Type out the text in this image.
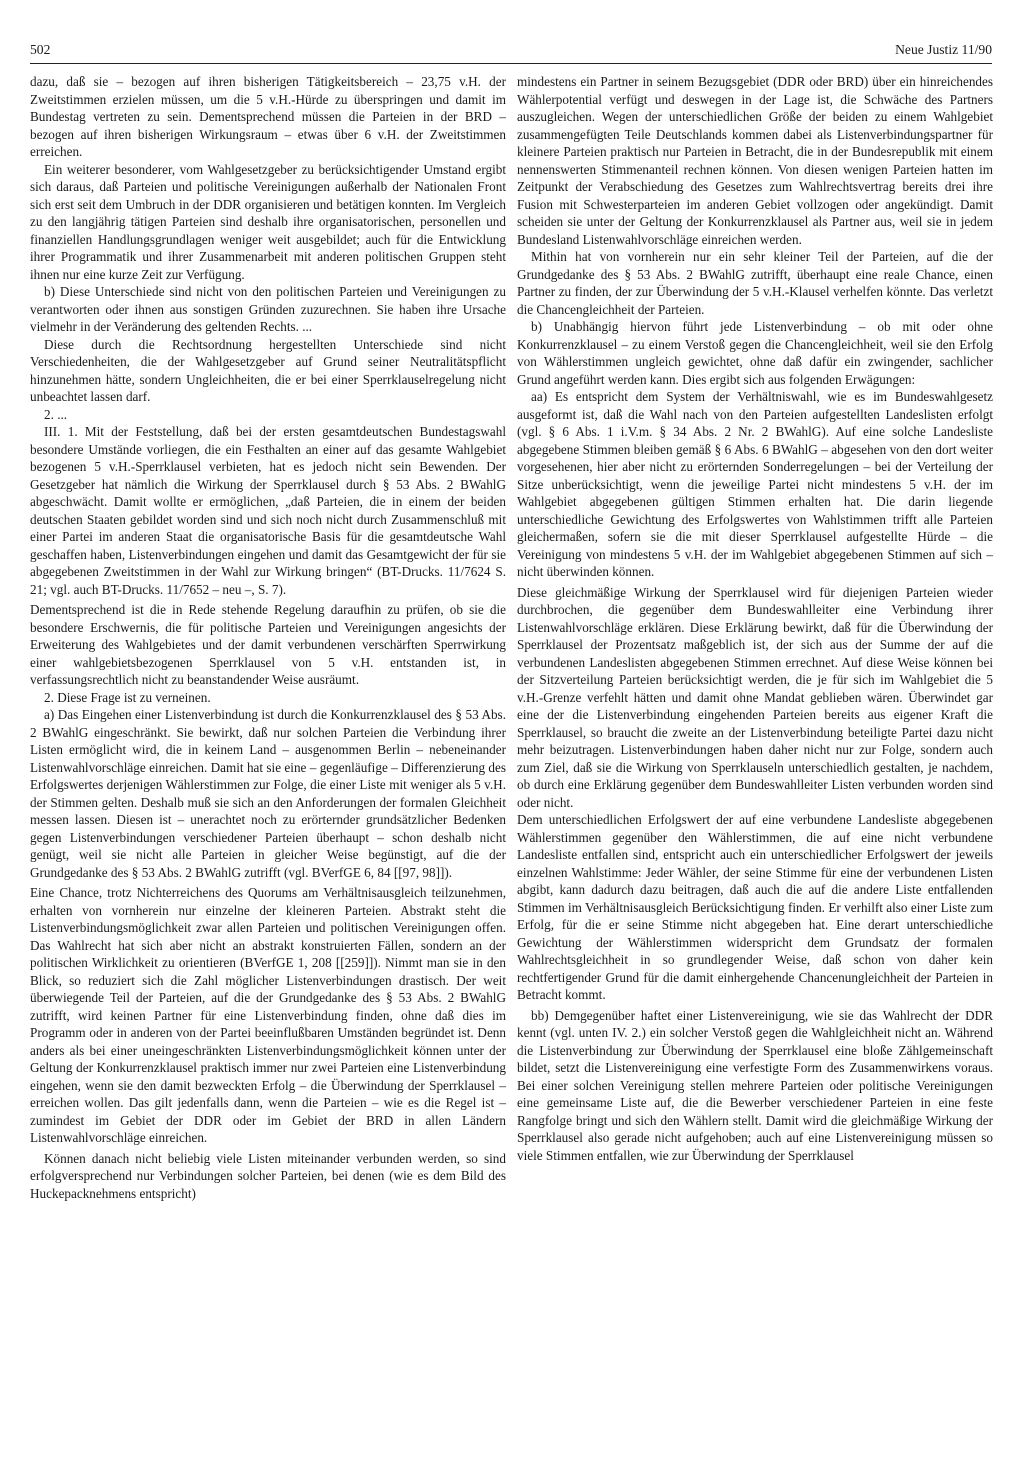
502	Neue Justiz 11/90

dazu, daß sie – bezogen auf ihren bisherigen Tätigkeitsbereich – 23,75 v.H. der Zweitstimmen erzielen müssen, um die 5 v.H.-Hürde zu überspringen und damit im Bundestag vertreten zu sein. Dementsprechend müssen die Parteien in der BRD – bezogen auf ihren bisherigen Wirkungsraum – etwas über 6 v.H. der Zweitstimmen erreichen.

Ein weiterer besonderer, vom Wahlgesetzgeber zu berücksichtigender Umstand ergibt sich daraus, daß Parteien und politische Vereinigungen außerhalb der Nationalen Front sich erst seit dem Umbruch in der DDR organisieren und betätigen konnten. Im Vergleich zu den langjährig tätigen Parteien sind deshalb ihre organisatorischen, personellen und finanziellen Handlungsgrundlagen weniger weit ausgebildet; auch für die Entwicklung ihrer Programmatik und ihrer Zusammenarbeit mit anderen politischen Gruppen steht ihnen nur eine kurze Zeit zur Verfügung.

b) Diese Unterschiede sind nicht von den politischen Parteien und Vereinigungen zu verantworten oder ihnen aus sonstigen Gründen zuzurechnen. Sie haben ihre Ursache vielmehr in der Veränderung des geltenden Rechts. ...

Diese durch die Rechtsordnung hergestellten Unterschiede sind nicht Verschiedenheiten, die der Wahlgesetzgeber auf Grund seiner Neutralitätspflicht hinzunehmen hätte, sondern Ungleichheiten, die er bei einer Sperrklauselregelung nicht unbeachtet lassen darf.

2. ...

III. 1. Mit der Feststellung, daß bei der ersten gesamtdeutschen Bundestagswahl besondere Umstände vorliegen, die ein Festhalten an einer auf das gesamte Wahlgebiet bezogenen 5 v.H.-Sperrklausel verbieten, hat es jedoch nicht sein Bewenden. Der Gesetzgeber hat nämlich die Wirkung der Sperrklausel durch § 53 Abs. 2 BWahlG abgeschwächt. Damit wollte er ermöglichen, „daß Parteien, die in einem der beiden deutschen Staaten gebildet worden sind und sich noch nicht durch Zusammenschluß mit einer Partei im anderen Staat die organisatorische Basis für die gesamtdeutsche Wahl geschaffen haben, Listenverbindungen eingehen und damit das Gesamtgewicht der für sie abgegebenen Zweitstimmen in der Wahl zur Wirkung bringen“ (BT-Drucks. 11/7624 S. 21; vgl. auch BT-Drucks. 11/7652 – neu –, S. 7).

Dementsprechend ist die in Rede stehende Regelung daraufhin zu prüfen, ob sie die besondere Erschwernis, die für politische Parteien und Vereinigungen angesichts der Erweiterung des Wahlgebietes und der damit verbundenen verschärften Sperrwirkung einer wahlgebietsbezogenen Sperrklausel von 5 v.H. entstanden ist, in verfassungsrechtlich nicht zu beanstandender Weise ausräumt.

2. Diese Frage ist zu verneinen.

a) Das Eingehen einer Listenverbindung ist durch die Konkurrenzklausel des § 53 Abs. 2 BWahlG eingeschränkt. Sie bewirkt, daß nur solchen Parteien die Verbindung ihrer Listen ermöglicht wird, die in keinem Land – ausgenommen Berlin – nebeneinander Listenwahlvorschläge einreichen. Damit hat sie eine – gegenläufige – Differenzierung des Erfolgswertes derjenigen Wählerstimmen zur Folge, die einer Liste mit weniger als 5 v.H. der Stimmen gelten. Deshalb muß sie sich an den Anforderungen der formalen Gleichheit messen lassen. Diesen ist – unerachtet noch zu erörternder grundsätzlicher Bedenken gegen Listenverbindungen verschiedener Parteien überhaupt – schon deshalb nicht genügt, weil sie nicht alle Parteien in gleicher Weise begünstigt, auf die der Grundgedanke des § 53 Abs. 2 BWahlG zutrifft (vgl. BVerfGE 6, 84 [[97, 98]]).

Eine Chance, trotz Nichterreichens des Quorums am Verhältnisausgleich teilzunehmen, erhalten von vornherein nur einzelne der kleineren Parteien. Abstrakt steht die Listenverbindungsmöglichkeit zwar allen Parteien und politischen Vereinigungen offen. Das Wahlrecht hat sich aber nicht an abstrakt konstruierten Fällen, sondern an der politischen Wirklichkeit zu orientieren (BVerfGE 1, 208 [[259]]). Nimmt man sie in den Blick, so reduziert sich die Zahl möglicher Listenverbindungen drastisch. Der weit überwiegende Teil der Parteien, auf die der Grundgedanke des § 53 Abs. 2 BWahlG zutrifft, wird keinen Partner für eine Listenverbindung finden, ohne daß dies im Programm oder in anderen von der Partei beeinflußbaren Umständen begründet ist. Denn anders als bei einer uneingeschränkten Listenverbindungsmöglichkeit können unter der Geltung der Konkurrenzklausel praktisch immer nur zwei Parteien eine Listenverbindung eingehen, wenn sie den damit bezweckten Erfolg – die Überwindung der Sperrklausel – erreichen wollen. Das gilt jedenfalls dann, wenn die Parteien – wie es die Regel ist – zumindest im Gebiet der DDR oder im Gebiet der BRD in allen Ländern Listenwahlvorschläge einreichen.

Können danach nicht beliebig viele Listen miteinander verbunden werden, so sind erfolgversprechend nur Verbindungen solcher Parteien, bei denen (wie es dem Bild des Huckepacknehmens entspricht)

mindestens ein Partner in seinem Bezugsgebiet (DDR oder BRD) über ein hinreichendes Wählerpotential verfügt und deswegen in der Lage ist, die Schwäche des Partners auszugleichen. Wegen der unterschiedlichen Größe der beiden zu einem Wahlgebiet zusammengefügten Teile Deutschlands kommen dabei als Listenverbindungspartner für kleinere Parteien praktisch nur Parteien in Betracht, die in der Bundesrepublik mit einem nennenswerten Stimmenanteil rechnen können. Von diesen wenigen Parteien hatten im Zeitpunkt der Verabschiedung des Gesetzes zum Wahlrechtsvertrag bereits drei ihre Fusion mit Schwesterparteien im anderen Gebiet vollzogen oder angekündigt. Damit scheiden sie unter der Geltung der Konkurrenzklausel als Partner aus, weil sie in jedem Bundesland Listenwahlvorschläge einreichen werden.

Mithin hat von vornherein nur ein sehr kleiner Teil der Parteien, auf die der Grundgedanke des § 53 Abs. 2 BWahlG zutrifft, überhaupt eine reale Chance, einen Partner zu finden, der zur Überwindung der 5 v.H.-Klausel verhelfen könnte. Das verletzt die Chancengleichheit der Parteien.

b) Unabhängig hiervon führt jede Listenverbindung – ob mit oder ohne Konkurrenzklausel – zu einem Verstoß gegen die Chancengleichheit, weil sie den Erfolg von Wählerstimmen ungleich gewichtet, ohne daß dafür ein zwingender, sachlicher Grund angeführt werden kann. Dies ergibt sich aus folgenden Erwägungen:

aa) Es entspricht dem System der Verhältniswahl, wie es im Bundeswahlgesetz ausgeformt ist, daß die Wahl nach von den Parteien aufgestellten Landeslisten erfolgt (vgl. § 6 Abs. 1 i.V.m. § 34 Abs. 2 Nr. 2 BWahlG). Auf eine solche Landesliste abgegebene Stimmen bleiben gemäß § 6 Abs. 6 BWahlG – abgesehen von den dort weiter vorgesehenen, hier aber nicht zu erörternden Sonderregelungen – bei der Verteilung der Sitze unberücksichtigt, wenn die jeweilige Partei nicht mindestens 5 v.H. der im Wahlgebiet abgegebenen gültigen Stimmen erhalten hat. Die darin liegende unterschiedliche Gewichtung des Erfolgswertes von Wahlstimmen trifft alle Parteien gleichermaßen, sofern sie die mit dieser Sperrklausel aufgestellte Hürde – die Vereinigung von mindestens 5 v.H. der im Wahlgebiet abgegebenen Stimmen auf sich – nicht überwinden können.

Diese gleichmäßige Wirkung der Sperrklausel wird für diejenigen Parteien wieder durchbrochen, die gegenüber dem Bundeswahlleiter eine Verbindung ihrer Listenwahlvorschläge erklären. Diese Erklärung bewirkt, daß für die Überwindung der Sperrklausel der Prozentsatz maßgeblich ist, der sich aus der Summe der auf die verbundenen Landeslisten abgegebenen Stimmen errechnet. Auf diese Weise können bei der Sitzverteilung Parteien berücksichtigt werden, die je für sich im Wahlgebiet die 5 v.H.-Grenze verfehlt hätten und damit ohne Mandat geblieben wären. Überwindet gar eine der die Listenverbindung eingehenden Parteien bereits aus eigener Kraft die Sperrklausel, so braucht die zweite an der Listenverbindung beteiligte Partei dazu nicht mehr beizutragen. Listenverbindungen haben daher nicht nur zur Folge, sondern auch zum Ziel, daß sie die Wirkung von Sperrklauseln unterschiedlich gestalten, je nachdem, ob durch eine Erklärung gegenüber dem Bundeswahlleiter Listen verbunden worden sind oder nicht.

Dem unterschiedlichen Erfolgswert der auf eine verbundene Landesliste abgegebenen Wählerstimmen gegenüber den Wählerstimmen, die auf eine nicht verbundene Landesliste entfallen sind, entspricht auch ein unterschiedlicher Erfolgswert der jeweils einzelnen Wahlstimme: Jeder Wähler, der seine Stimme für eine der verbundenen Listen abgibt, kann dadurch dazu beitragen, daß auch die auf die andere Liste entfallenden Stimmen im Verhältnisausgleich Berücksichtigung finden. Er verhilft also einer Liste zum Erfolg, für die er seine Stimme nicht abgegeben hat. Eine derart unterschiedliche Gewichtung der Wählerstimmen widerspricht dem Grundsatz der formalen Wahlrechtsgleichheit in so grundlegender Weise, daß schon von daher kein rechtfertigender Grund für die damit einhergehende Chancenungleichheit der Parteien in Betracht kommt.

bb) Demgegenüber haftet einer Listenvereinigung, wie sie das Wahlrecht der DDR kennt (vgl. unten IV. 2.) ein solcher Verstoß gegen die Wahlgleichheit nicht an. Während die Listenverbindung zur Überwindung der Sperrklausel eine bloße Zählgemeinschaft bildet, setzt die Listenvereinigung eine verfestigte Form des Zusammenwirkens voraus. Bei einer solchen Vereinigung stellen mehrere Parteien oder politische Vereinigungen eine gemeinsame Liste auf, die die Bewerber verschiedener Parteien in eine feste Rangfolge bringt und sich den Wählern stellt. Damit wird die gleichmäßige Wirkung der Sperrklausel also gerade nicht aufgehoben; auch auf eine Listenvereinigung müssen so viele Stimmen entfallen, wie zur Überwindung der Sperrklausel
